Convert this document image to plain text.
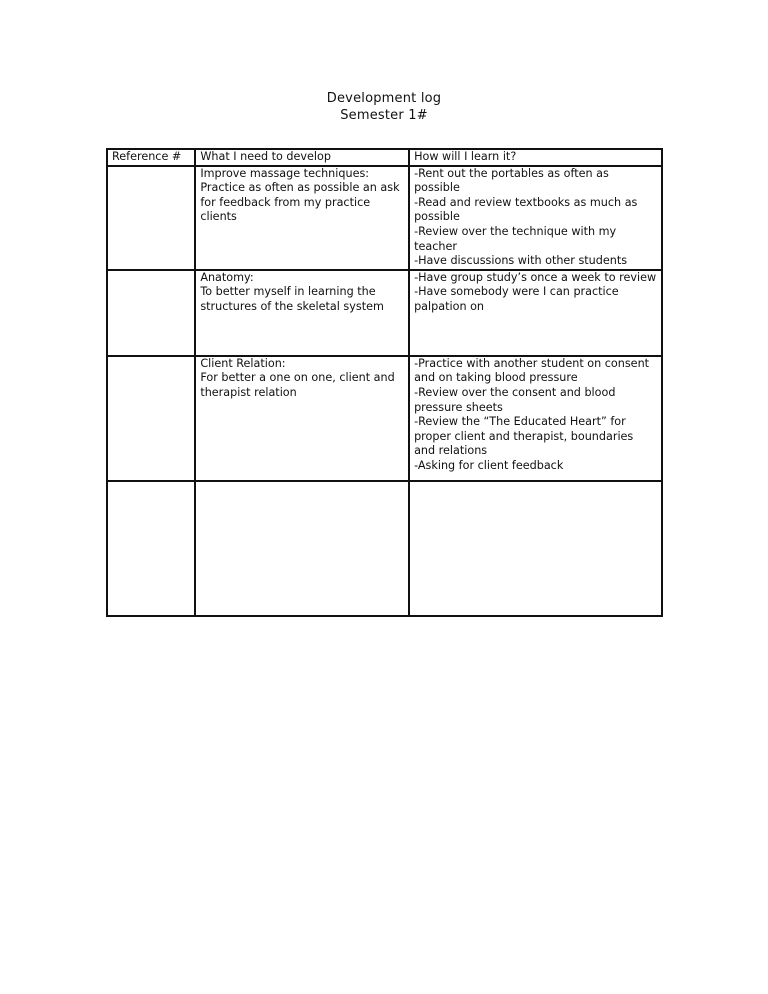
Development log
Semester 1#
Reference #	What I need to develop	How will I learn it?

	Improve massage techniques:
Practice as often as possible an ask for feedback from my practice clients	-Rent out the portables as often as possible
-Read and review textbooks as much as possible
-Review over the technique with my teacher
-Have discussions with other students

	Anatomy:
To better myself in learning the structures of the skeletal system	-Have group study’s once a week to review
-Have somebody were I can practice palpation on

	Client Relation:
For better a one on one, client and therapist relation	-Practice with another student on consent and on taking blood pressure
-Review over the consent and blood pressure sheets
-Review the “The Educated Heart” for proper client and therapist, boundaries and relations
-Asking for client feedback
